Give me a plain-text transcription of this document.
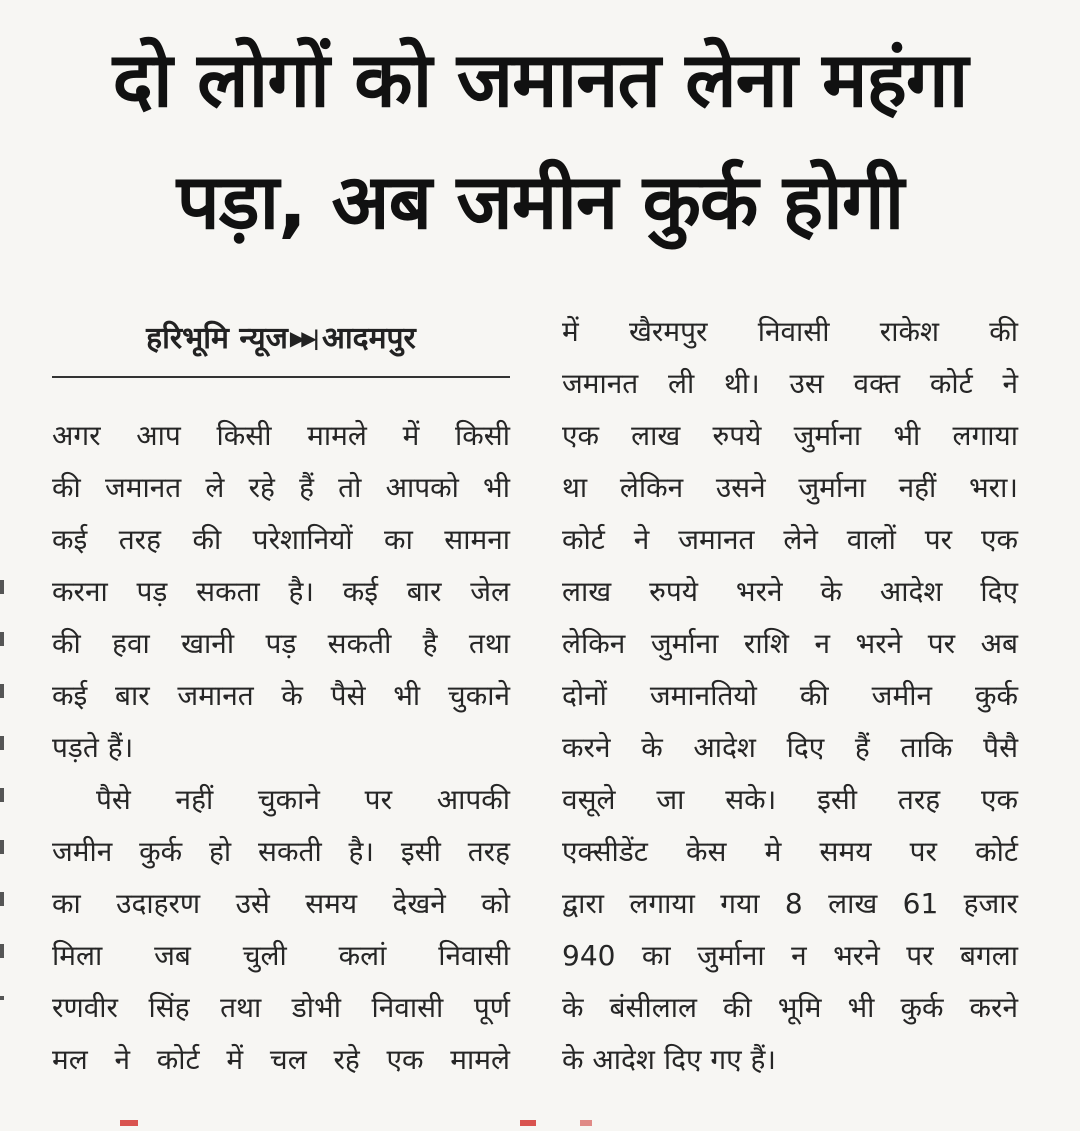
दो लोगों को जमानत लेना महंगा
पड़ा, अब जमीन कुर्क होगी
हरिभूमि न्यूज ▶▶| आदमपुर
अगर आप किसी मामले में किसी
की जमानत ले रहे हैं तो आपको भी
कई तरह की परेशानियों का सामना
करना पड़ सकता है। कई बार जेल
की हवा खानी पड़ सकती है तथा
कई बार जमानत के पैसे भी चुकाने
पड़ते हैं।
पैसे नहीं चुकाने पर आपकी
जमीन कुर्क हो सकती है। इसी तरह
का उदाहरण उसे समय देखने को
मिला जब चुली कलां निवासी
रणवीर सिंह तथा डोभी निवासी पूर्ण
मल ने कोर्ट में चल रहे एक मामले
में खैरमपुर निवासी राकेश की
जमानत ली थी। उस वक्त कोर्ट ने
एक लाख रुपये जुर्माना भी लगाया
था लेकिन उसने जुर्माना नहीं भरा।
कोर्ट ने जमानत लेने वालों पर एक
लाख रुपये भरने के आदेश दिए
लेकिन जुर्माना राशि न भरने पर अब
दोनों जमानतियो की जमीन कुर्क
करने के आदेश दिए हैं ताकि पैसै
वसूले जा सके। इसी तरह एक
एक्सीडेंट केस मे समय पर कोर्ट
द्वारा लगाया गया 8 लाख 61 हजार
940 का जुर्माना न भरने पर बगला
के बंसीलाल की भूमि भी कुर्क करने
के आदेश दिए गए हैं।
